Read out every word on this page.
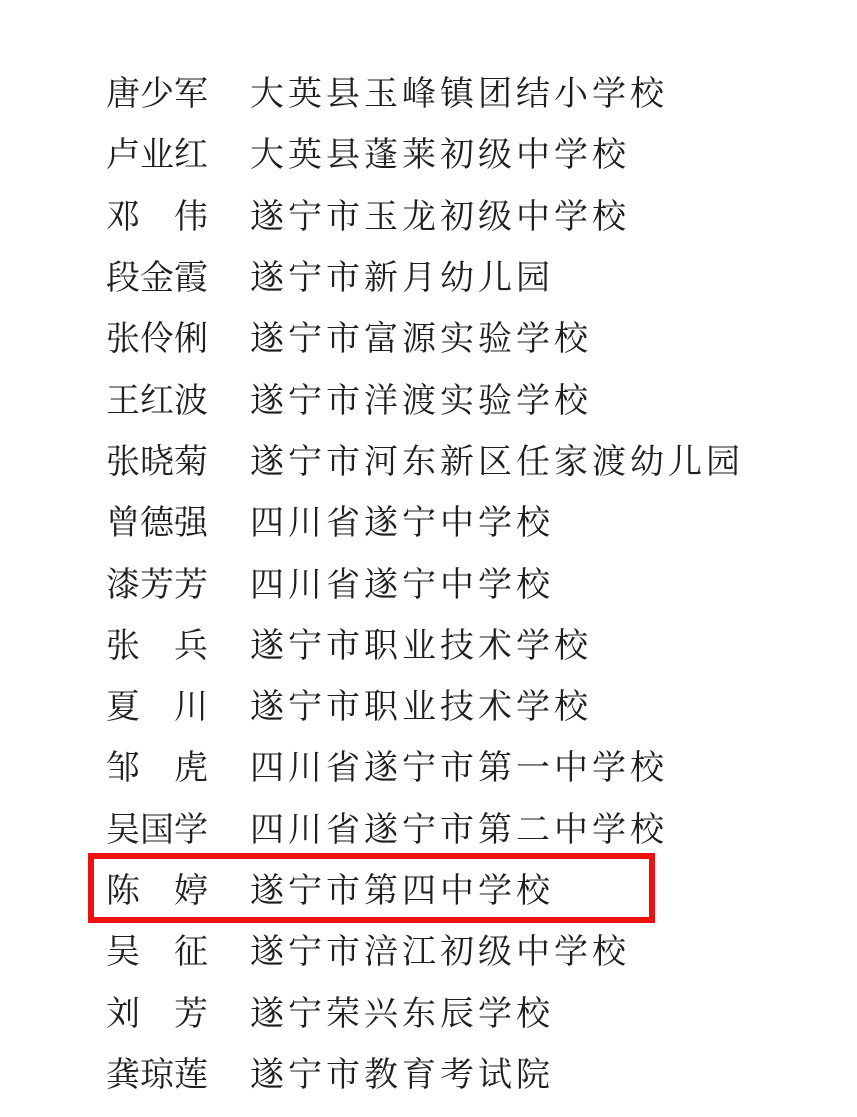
唐少军 大英县玉峰镇团结小学校
卢业红 大英县蓬莱初级中学校
邓　伟 遂宁市玉龙初级中学校
段金霞 遂宁市新月幼儿园
张伶俐 遂宁市富源实验学校
王红波 遂宁市洋渡实验学校
张晓菊 遂宁市河东新区任家渡幼儿园
曾德强 四川省遂宁中学校
漆芳芳 四川省遂宁中学校
张　兵 遂宁市职业技术学校
夏　川 遂宁市职业技术学校
邹　虎 四川省遂宁市第一中学校
吴国学 四川省遂宁市第二中学校
陈　婷 遂宁市第四中学校
吴　征 遂宁市涪江初级中学校
刘　芳 遂宁荣兴东辰学校
龚琼莲 遂宁市教育考试院
